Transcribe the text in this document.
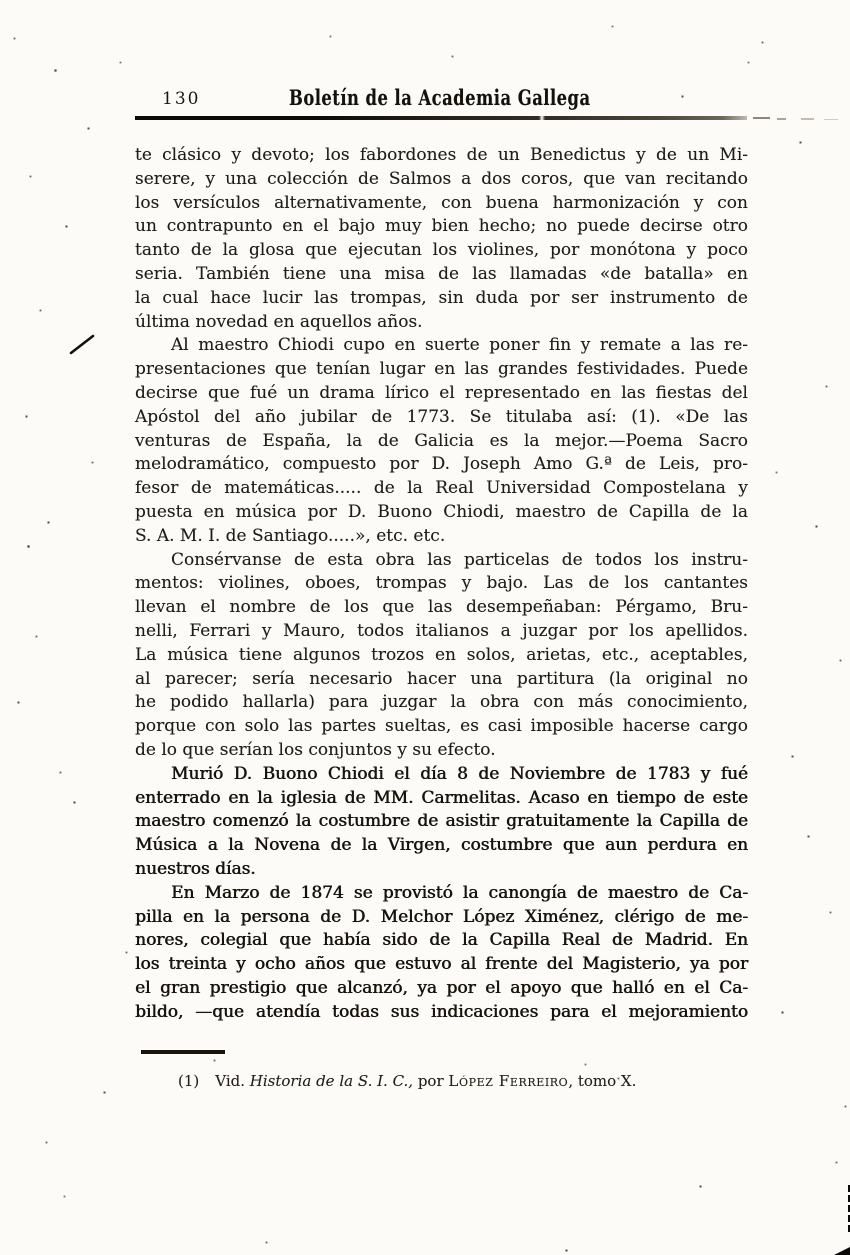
130	Boletín de la Academia Gallega
te clásico y devoto; los fabordones de un Benedictus y de un Mi-
serere, y una colección de Salmos a dos coros, que van recitando
los versículos alternativamente, con buena harmonización y con
un contrapunto en el bajo muy bien hecho; no puede decirse otro
tanto de la glosa que ejecutan los violines, por monótona y poco
seria. También tiene una misa de las llamadas «de batalla» en
la cual hace lucir las trompas, sin duda por ser instrumento de
última novedad en aquellos años.
Al maestro Chiodi cupo en suerte poner fin y remate a las re-
presentaciones que tenían lugar en las grandes festividades. Puede
decirse que fué un drama lírico el representado en las fiestas del
Apóstol del año jubilar de 1773. Se titulaba así: (1). «De las
venturas de España, la de Galicia es la mejor.—Poema Sacro
melodramático, compuesto por D. Joseph Amo G.ª de Leis, pro-
fesor de matemáticas..... de la Real Universidad Compostelana y
puesta en música por D. Buono Chiodi, maestro de Capilla de la
S. A. M. I. de Santiago.....», etc. etc.
Consérvanse de esta obra las particelas de todos los instru-
mentos: violines, oboes, trompas y bajo. Las de los cantantes
llevan el nombre de los que las desempeñaban: Pérgamo, Bru-
nelli, Ferrari y Mauro, todos italianos a juzgar por los apellidos.
La música tiene algunos trozos en solos, arietas, etc., aceptables,
al parecer; sería necesario hacer una partitura (la original no
he podido hallarla) para juzgar la obra con más conocimiento,
porque con solo las partes sueltas, es casi imposible hacerse cargo
de lo que serían los conjuntos y su efecto.
Murió D. Buono Chiodi el día 8 de Noviembre de 1783 y fué
enterrado en la iglesia de MM. Carmelitas. Acaso en tiempo de este
maestro comenzó la costumbre de asistir gratuitamente la Capilla de
Música a la Novena de la Virgen, costumbre que aun perdura en
nuestros días.
En Marzo de 1874 se provistó la canongía de maestro de Ca-
pilla en la persona de D. Melchor López Ximénez, clérigo de me-
nores, colegial que había sido de la Capilla Real de Madrid. En
los treinta y ocho años que estuvo al frente del Magisterio, ya por
el gran prestigio que alcanzó, ya por el apoyo que halló en el Ca-
bildo, —que atendía todas sus indicaciones para el mejoramiento

(1) Vid. Historia de la S. I. C., por López Ferreiro, tomo X.
